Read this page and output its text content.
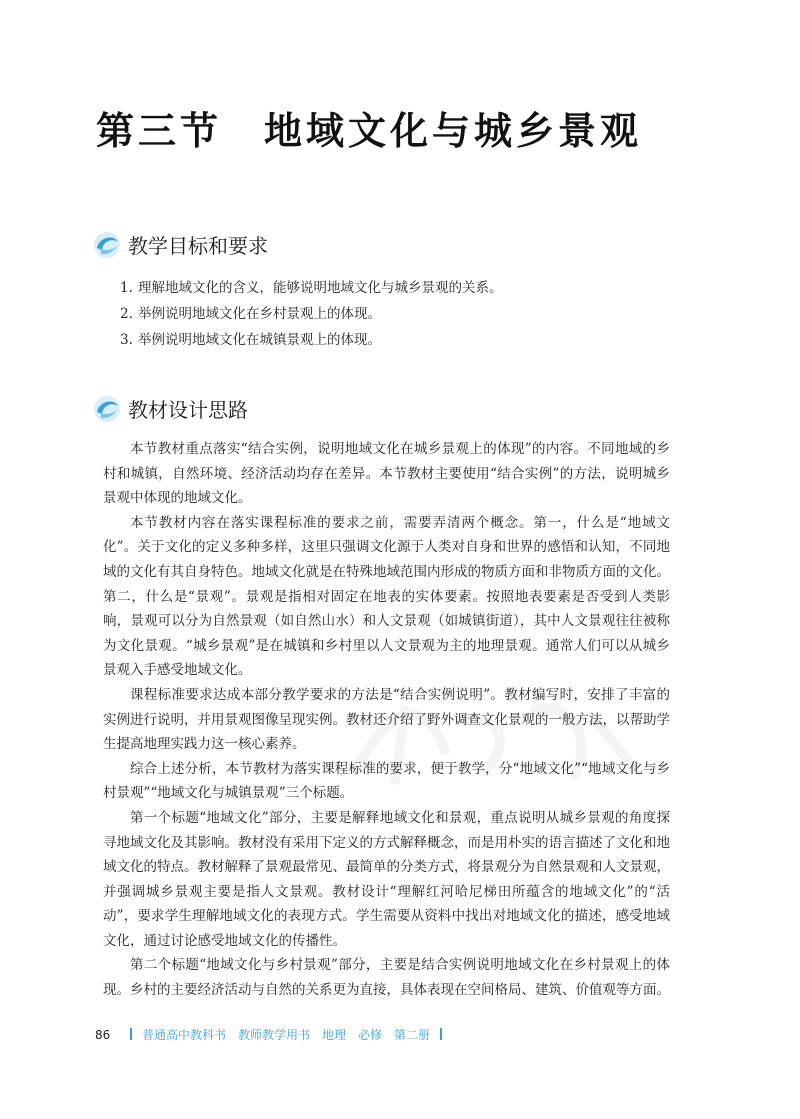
第三节　地域文化与城乡景观
教学目标和要求
1. 理解地域文化的含义，能够说明地域文化与城乡景观的关系。
2. 举例说明地域文化在乡村景观上的体现。
3. 举例说明地域文化在城镇景观上的体现。
教材设计思路

本节教材重点落实“结合实例，说明地域文化在城乡景观上的体现”的内容。不同地域的乡村和城镇，自然环境、经济活动均存在差异。本节教材主要使用“结合实例”的方法，说明城乡景观中体现的地域文化。

本节教材内容在落实课程标准的要求之前，需要弄清两个概念。第一，什么是“地域文化”。关于文化的定义多种多样，这里只强调文化源于人类对自身和世界的感悟和认知，不同地域的文化有其自身特色。地域文化就是在特殊地域范围内形成的物质方面和非物质方面的文化。第二，什么是“景观”。景观是指相对固定在地表的实体要素。按照地表要素是否受到人类影响，景观可以分为自然景观（如自然山水）和人文景观（如城镇街道），其中人文景观往往被称为文化景观。“城乡景观”是在城镇和乡村里以人文景观为主的地理景观。通常人们可以从城乡景观入手感受地域文化。

课程标准要求达成本部分教学要求的方法是“结合实例说明”。教材编写时，安排了丰富的实例进行说明，并用景观图像呈现实例。教材还介绍了野外调查文化景观的一般方法，以帮助学生提高地理实践力这一核心素养。

综合上述分析，本节教材为落实课程标准的要求，便于教学，分“地域文化”“地域文化与乡村景观”“地域文化与城镇景观”三个标题。

第一个标题“地域文化”部分，主要是解释地域文化和景观，重点说明从城乡景观的角度探寻地域文化及其影响。教材没有采用下定义的方式解释概念，而是用朴实的语言描述了文化和地域文化的特点。教材解释了景观最常见、最简单的分类方式，将景观分为自然景观和人文景观，并强调城乡景观主要是指人文景观。教材设计“理解红河哈尼梯田所蕴含的地域文化”的“活动”，要求学生理解地域文化的表现方式。学生需要从资料中找出对地域文化的描述，感受地域文化，通过讨论感受地域文化的传播性。

第二个标题“地域文化与乡村景观”部分，主要是结合实例说明地域文化在乡村景观上的体现。乡村的主要经济活动与自然的关系更为直接，具体表现在空间格局、建筑、价值观等方面。

86	普通高中教科书　教师教学用书　地理　必修　第二册
